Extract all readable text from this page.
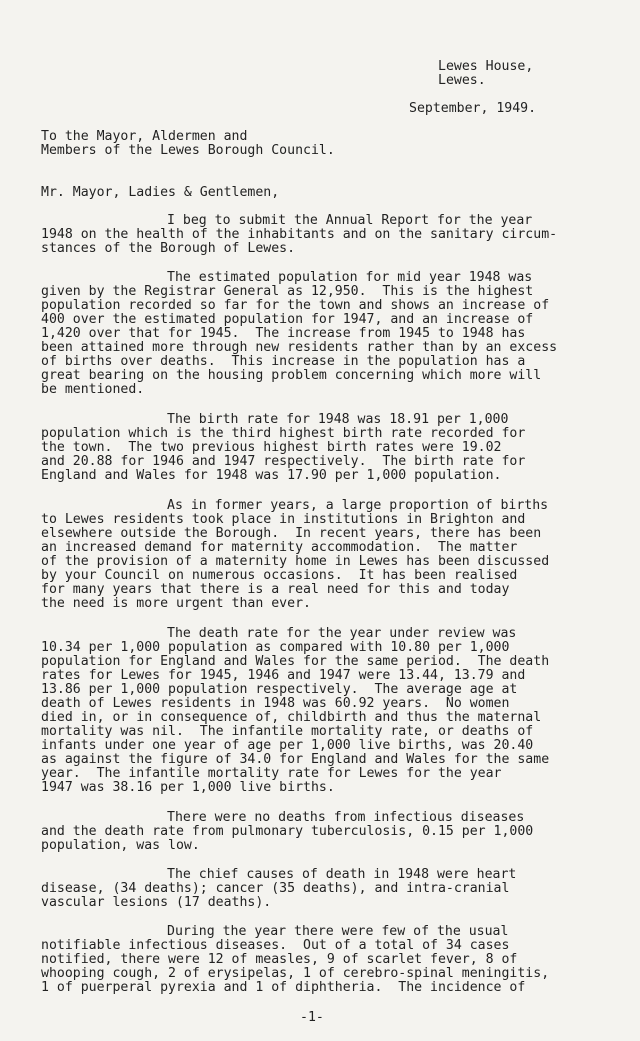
Lewes House,
Lewes.
September, 1949.
To the Mayor, Aldermen and
Members of the Lewes Borough Council.
Mr. Mayor, Ladies & Gentlemen,
I beg to submit the Annual Report for the year
1948 on the health of the inhabitants and on the sanitary circum-
stances of the Borough of Lewes.
The estimated population for mid year 1948 was
given by the Registrar General as 12,950.  This is the highest
population recorded so far for the town and shows an increase of
400 over the estimated population for 1947, and an increase of
1,420 over that for 1945.  The increase from 1945 to 1948 has
been attained more through new residents rather than by an excess
of births over deaths.  This increase in the population has a
great bearing on the housing problem concerning which more will
be mentioned.
The birth rate for 1948 was 18.91 per 1,000
population which is the third highest birth rate recorded for
the town.  The two previous highest birth rates were 19.02
and 20.88 for 1946 and 1947 respectively.  The birth rate for
England and Wales for 1948 was 17.90 per 1,000 population.
As in former years, a large proportion of births
to Lewes residents took place in institutions in Brighton and
elsewhere outside the Borough.  In recent years, there has been
an increased demand for maternity accommodation.  The matter
of the provision of a maternity home in Lewes has been discussed
by your Council on numerous occasions.  It has been realised
for many years that there is a real need for this and today
the need is more urgent than ever.
The death rate for the year under review was
10.34 per 1,000 population as compared with 10.80 per 1,000
population for England and Wales for the same period.  The death
rates for Lewes for 1945, 1946 and 1947 were 13.44, 13.79 and
13.86 per 1,000 population respectively.  The average age at
death of Lewes residents in 1948 was 60.92 years.  No women
died in, or in consequence of, childbirth and thus the maternal
mortality was nil.  The infantile mortality rate, or deaths of
infants under one year of age per 1,000 live births, was 20.40
as against the figure of 34.0 for England and Wales for the same
year.  The infantile mortality rate for Lewes for the year
1947 was 38.16 per 1,000 live births.
There were no deaths from infectious diseases
and the death rate from pulmonary tuberculosis, 0.15 per 1,000
population, was low.
The chief causes of death in 1948 were heart
disease, (34 deaths); cancer (35 deaths), and intra-cranial
vascular lesions (17 deaths).
During the year there were few of the usual
notifiable infectious diseases.  Out of a total of 34 cases
notified, there were 12 of measles, 9 of scarlet fever, 8 of
whooping cough, 2 of erysipelas, 1 of cerebro-spinal meningitis,
1 of puerperal pyrexia and 1 of diphtheria.  The incidence of
-1-
